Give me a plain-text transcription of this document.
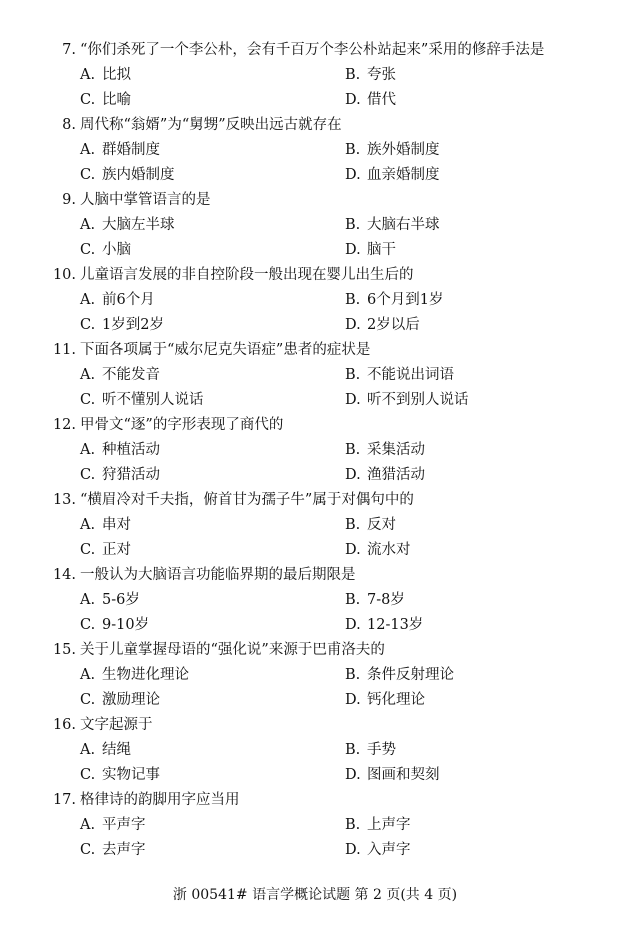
7. “你们杀死了一个李公朴，会有千百万个李公朴站起来”采用的修辞手法是
A. 比拟	B. 夸张
C. 比喻	D. 借代
8. 周代称“翁婿”为“舅甥”反映出远古就存在
A. 群婚制度	B. 族外婚制度
C. 族内婚制度	D. 血亲婚制度
9. 人脑中掌管语言的是
A. 大脑左半球	B. 大脑右半球
C. 小脑	D. 脑干
10. 儿童语言发展的非自控阶段一般出现在婴儿出生后的
A. 前6个月	B. 6个月到1岁
C. 1岁到2岁	D. 2岁以后
11. 下面各项属于“威尔尼克失语症”患者的症状是
A. 不能发音	B. 不能说出词语
C. 听不懂别人说话	D. 听不到别人说话
12. 甲骨文“逐”的字形表现了商代的
A. 种植活动	B. 采集活动
C. 狩猎活动	D. 渔猎活动
13. “横眉冷对千夫指，俯首甘为孺子牛”属于对偶句中的
A. 串对	B. 反对
C. 正对	D. 流水对
14. 一般认为大脑语言功能临界期的最后期限是
A. 5-6岁	B. 7-8岁
C. 9-10岁	D. 12-13岁
15. 关于儿童掌握母语的“强化说”来源于巴甫洛夫的
A. 生物进化理论	B. 条件反射理论
C. 激励理论	D. 钙化理论
16. 文字起源于
A. 结绳	B. 手势
C. 实物记事	D. 图画和契刻
17. 格律诗的韵脚用字应当用
A. 平声字	B. 上声字
C. 去声字	D. 入声字
浙 00541# 语言学概论试题 第 2 页(共 4 页)
